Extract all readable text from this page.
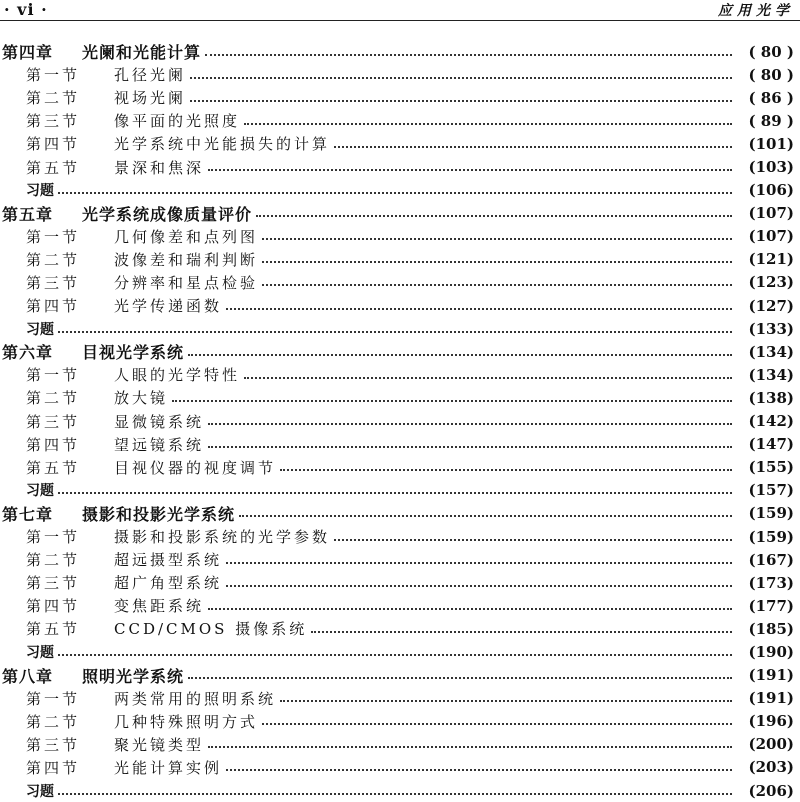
· vi ·	应用光学
第四章	光阑和光能计算	( 80 )
第一节	孔径光阑	( 80 )
第二节	视场光阑	( 86 )
第三节	像平面的光照度	( 89 )
第四节	光学系统中光能损失的计算	(101)
第五节	景深和焦深	(103)
习题	(106)
第五章	光学系统成像质量评价	(107)
第一节	几何像差和点列图	(107)
第二节	波像差和瑞利判断	(121)
第三节	分辨率和星点检验	(123)
第四节	光学传递函数	(127)
习题	(133)
第六章	目视光学系统	(134)
第一节	人眼的光学特性	(134)
第二节	放大镜	(138)
第三节	显微镜系统	(142)
第四节	望远镜系统	(147)
第五节	目视仪器的视度调节	(155)
习题	(157)
第七章	摄影和投影光学系统	(159)
第一节	摄影和投影系统的光学参数	(159)
第二节	超远摄型系统	(167)
第三节	超广角型系统	(173)
第四节	变焦距系统	(177)
第五节	CCD/CMOS 摄像系统	(185)
习题	(190)
第八章	照明光学系统	(191)
第一节	两类常用的照明系统	(191)
第二节	几种特殊照明方式	(196)
第三节	聚光镜类型	(200)
第四节	光能计算实例	(203)
习题	(206)
